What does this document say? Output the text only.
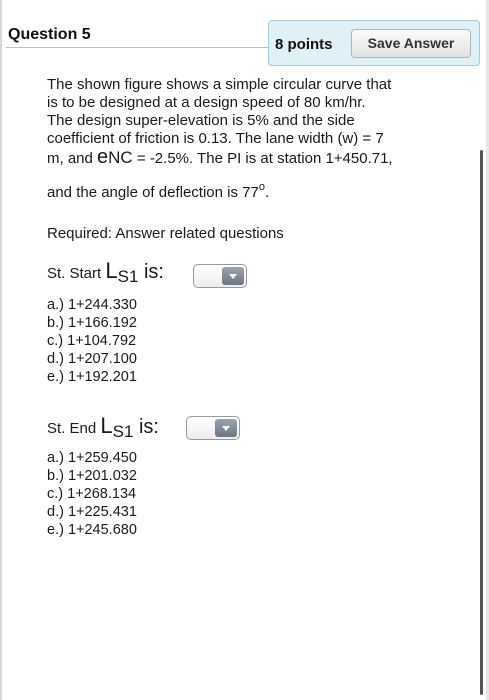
Question 5
8 points	Save Answer
The shown figure shows a simple circular curve that
is to be designed at a design speed of 80 km/hr.
The design super-elevation is 5% and the side
coefficient of friction is 0.13. The lane width (w) = 7
m, and eNC = -2.5%. The PI is at station 1+450.71,
and the angle of deflection is 77$^o$.
Required: Answer related questions
St. Start LS1 is:
a.) 1+244.330
b.) 1+166.192
c.) 1+104.792
d.) 1+207.100
e.) 1+192.201
St. End LS1 is:
a.) 1+259.450
b.) 1+201.032
c.) 1+268.134
d.) 1+225.431
e.) 1+245.680
